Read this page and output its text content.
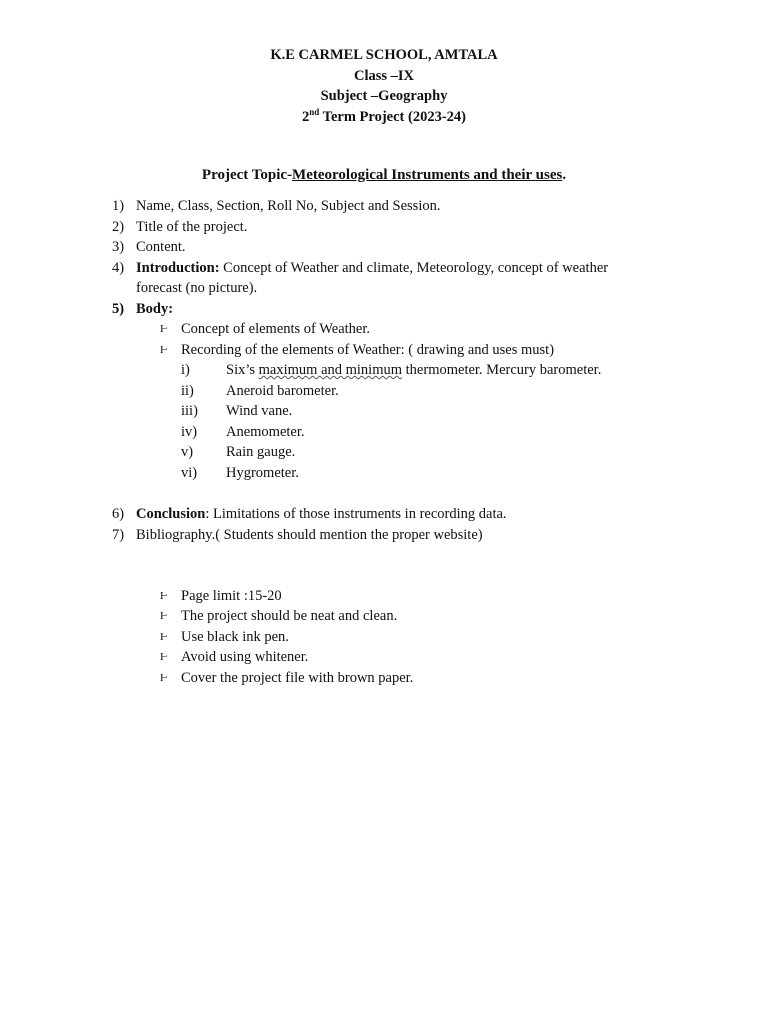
K.E CARMEL SCHOOL, AMTALA
Class –IX
Subject –Geography
2nd Term Project (2023-24)
Project Topic-Meteorological Instruments and their uses.
1) Name, Class, Section, Roll No, Subject and Session.
2) Title of the project.
3) Content.
4) Introduction: Concept of Weather and climate, Meteorology, concept of weather
forecast (no picture).
5) Body:
Ⱶ Concept of elements of Weather.
Ⱶ Recording of the elements of Weather: ( drawing and uses must)
i) Six’s maximum and minimum thermometer. Mercury barometer.
ii) Aneroid barometer.
iii) Wind vane.
iv) Anemometer.
v) Rain gauge.
vi) Hygrometer.
6) Conclusion: Limitations of those instruments in recording data.
7) Bibliography.( Students should mention the proper website)
Ⱶ Page limit :15-20
Ⱶ The project should be neat and clean.
Ⱶ Use black ink pen.
Ⱶ Avoid using whitener.
Ⱶ Cover the project file with brown paper.
